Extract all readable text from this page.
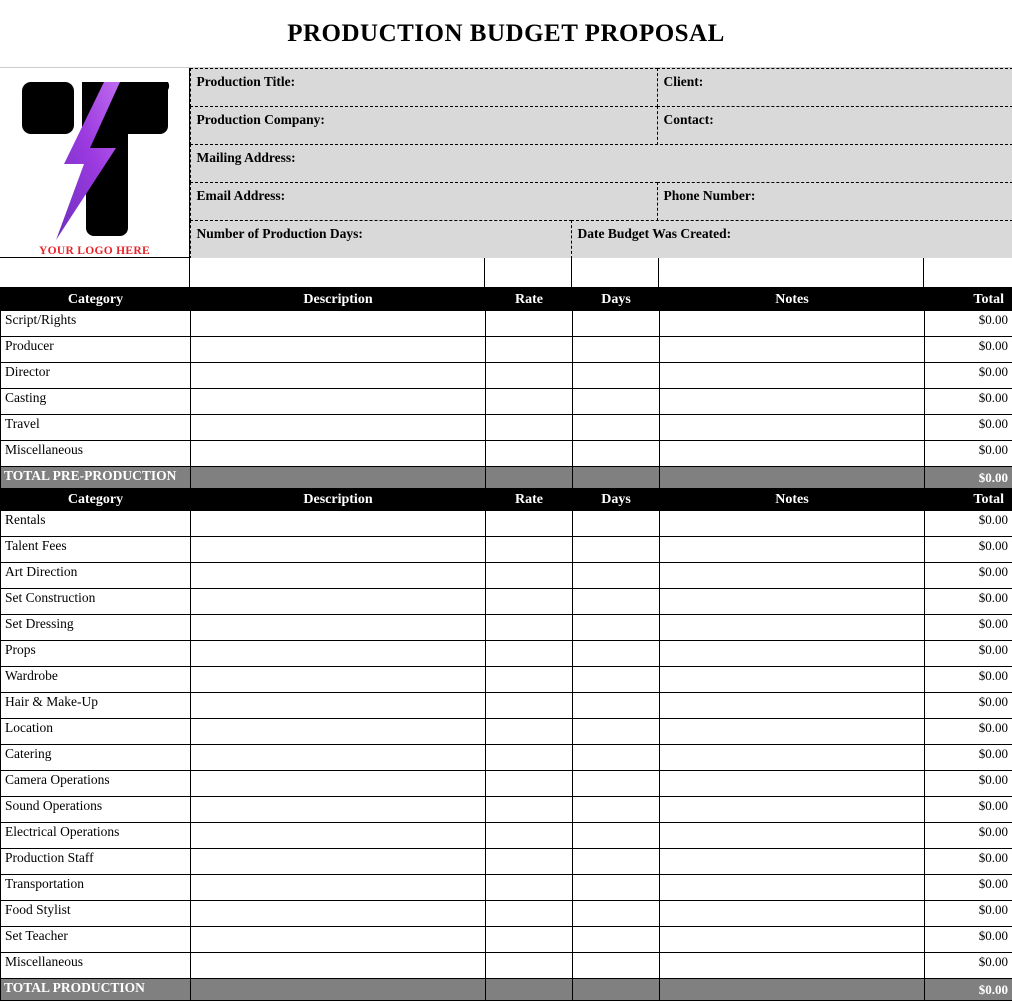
PRODUCTION BUDGET PROPOSAL
YOUR LOGO HERE
Production Title:	Client:
Production Company:	Contact:
Mailing Address:
Email Address:	Phone Number:
Number of Production Days:	Date Budget Was Created:
Category	Description	Rate	Days	Notes	Total
Script/Rights					$0.00
Producer					$0.00
Director					$0.00
Casting					$0.00
Travel					$0.00
Miscellaneous					$0.00
TOTAL PRE-PRODUCTION					$0.00
Category	Description	Rate	Days	Notes	Total
Rentals					$0.00
Talent Fees					$0.00
Art Direction					$0.00
Set Construction					$0.00
Set Dressing					$0.00
Props					$0.00
Wardrobe					$0.00
Hair & Make-Up					$0.00
Location					$0.00
Catering					$0.00
Camera Operations					$0.00
Sound Operations					$0.00
Electrical Operations					$0.00
Production Staff					$0.00
Transportation					$0.00
Food Stylist					$0.00
Set Teacher					$0.00
Miscellaneous					$0.00
TOTAL PRODUCTION					$0.00
